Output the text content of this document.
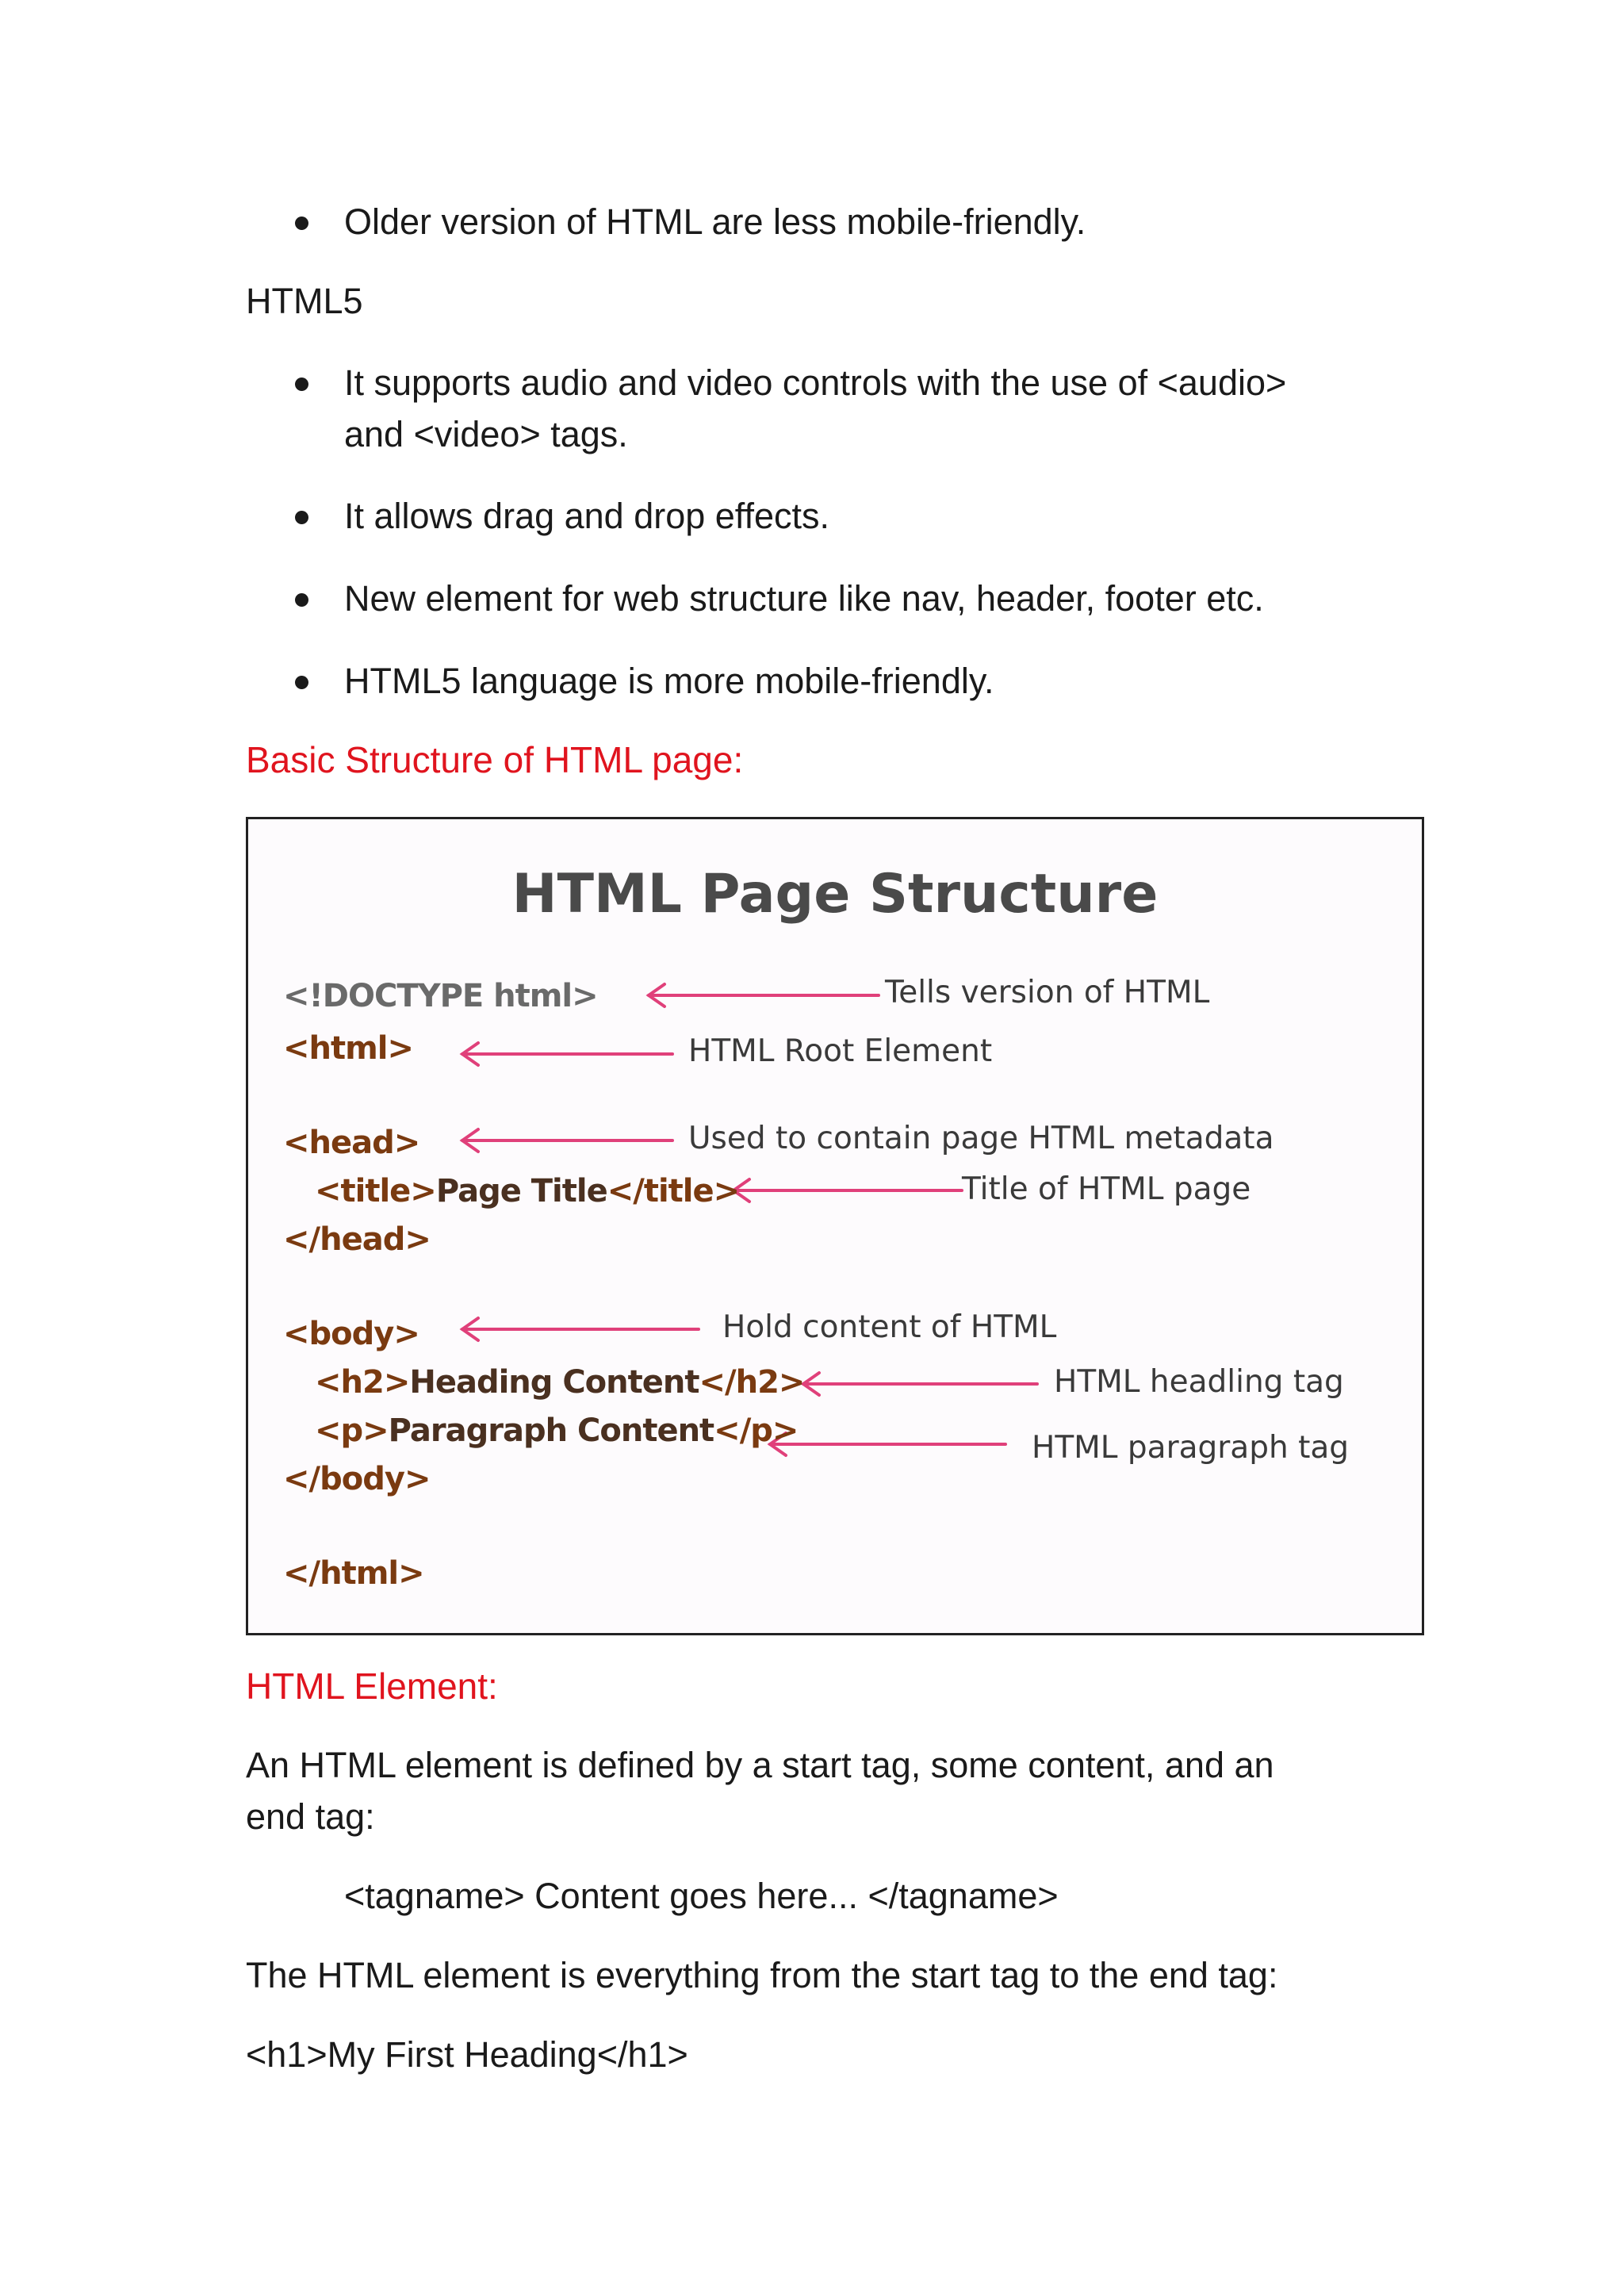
Older version of HTML are less mobile-friendly.
HTML5
It supports audio and video controls with the use of <audio>
and <video> tags.
It allows drag and drop effects.
New element for web structure like nav, header, footer etc.
HTML5 language is more mobile-friendly.
Basic Structure of HTML page:
HTML Page Structure
<!DOCTYPE html>
<html>
<head>
<title>Page Title</title>
</head>
<body>
<h2>Heading Content</h2>
<p>Paragraph Content</p>
</body>
</html>
Tells version of HTML
HTML Root Element
Used to contain page HTML metadata
Title of HTML page
Hold content of HTML
HTML headling tag
HTML paragraph tag
HTML Element:
An HTML element is defined by a start tag, some content, and an
end tag:
<tagname> Content goes here... </tagname>
The HTML element is everything from the start tag to the end tag:
<h1>My First Heading</h1>
